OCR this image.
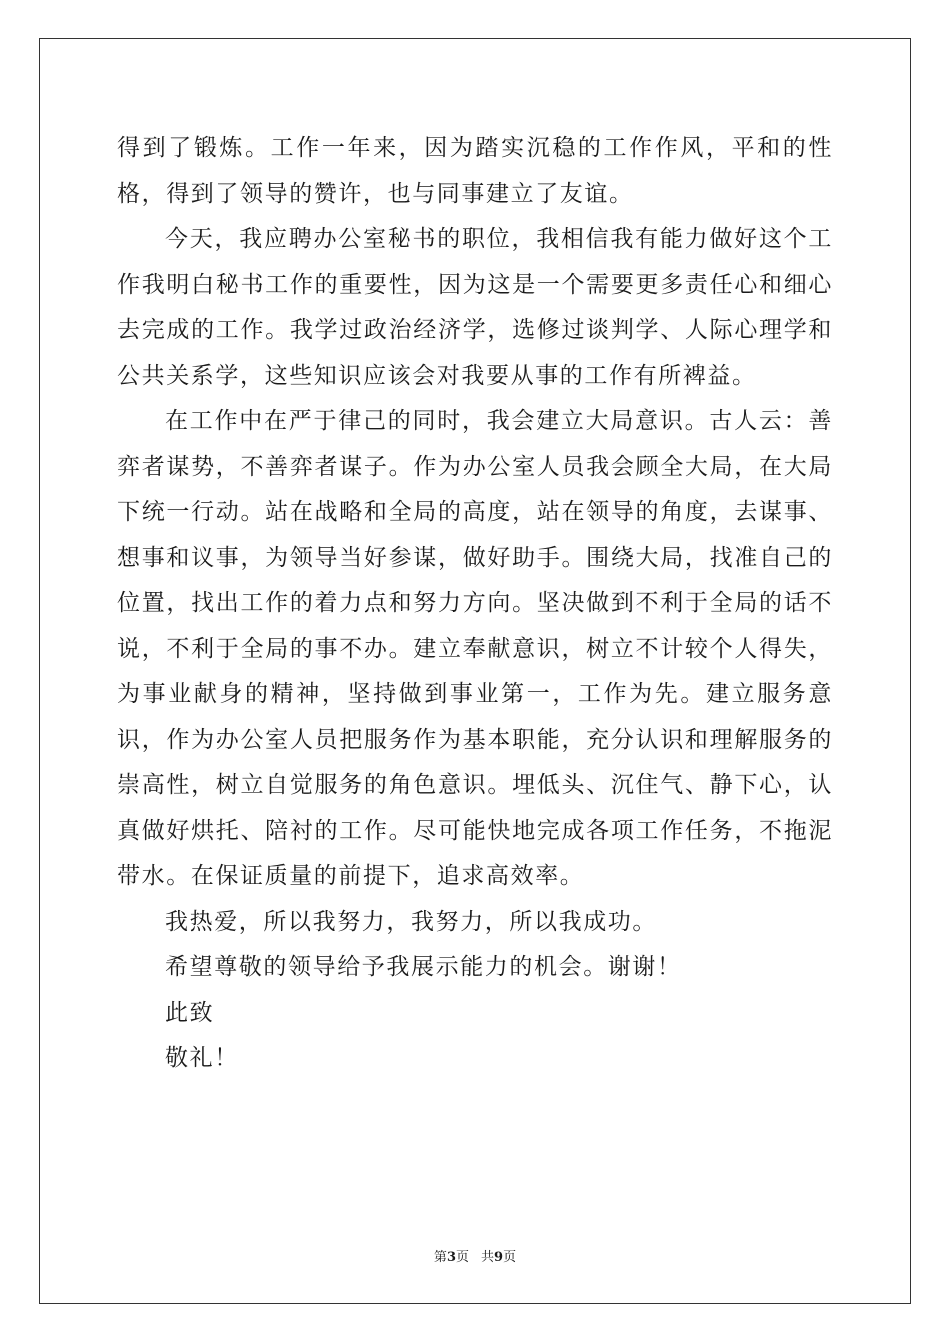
得到了锻炼。工作一年来，因为踏实沉稳的工作作风，平和的性格，得到了领导的赞许，也与同事建立了友谊。

今天，我应聘办公室秘书的职位，我相信我有能力做好这个工作我明白秘书工作的重要性，因为这是一个需要更多责任心和细心去完成的工作。我学过政治经济学，选修过谈判学、人际心理学和公共关系学，这些知识应该会对我要从事的工作有所裨益。

在工作中在严于律己的同时，我会建立大局意识。古人云：善弈者谋势，不善弈者谋子。作为办公室人员我会顾全大局，在大局下统一行动。站在战略和全局的高度，站在领导的角度，去谋事、想事和议事，为领导当好参谋，做好助手。围绕大局，找准自己的位置，找出工作的着力点和努力方向。坚决做到不利于全局的话不说，不利于全局的事不办。建立奉献意识，树立不计较个人得失，为事业献身的精神，坚持做到事业第一，工作为先。建立服务意识，作为办公室人员把服务作为基本职能，充分认识和理解服务的崇高性，树立自觉服务的角色意识。埋低头、沉住气、静下心，认真做好烘托、陪衬的工作。尽可能快地完成各项工作任务，不拖泥带水。在保证质量的前提下，追求高效率。

我热爱，所以我努力，我努力，所以我成功。

希望尊敬的领导给予我展示能力的机会。谢谢！

此致

敬礼！

第3页 共9页
